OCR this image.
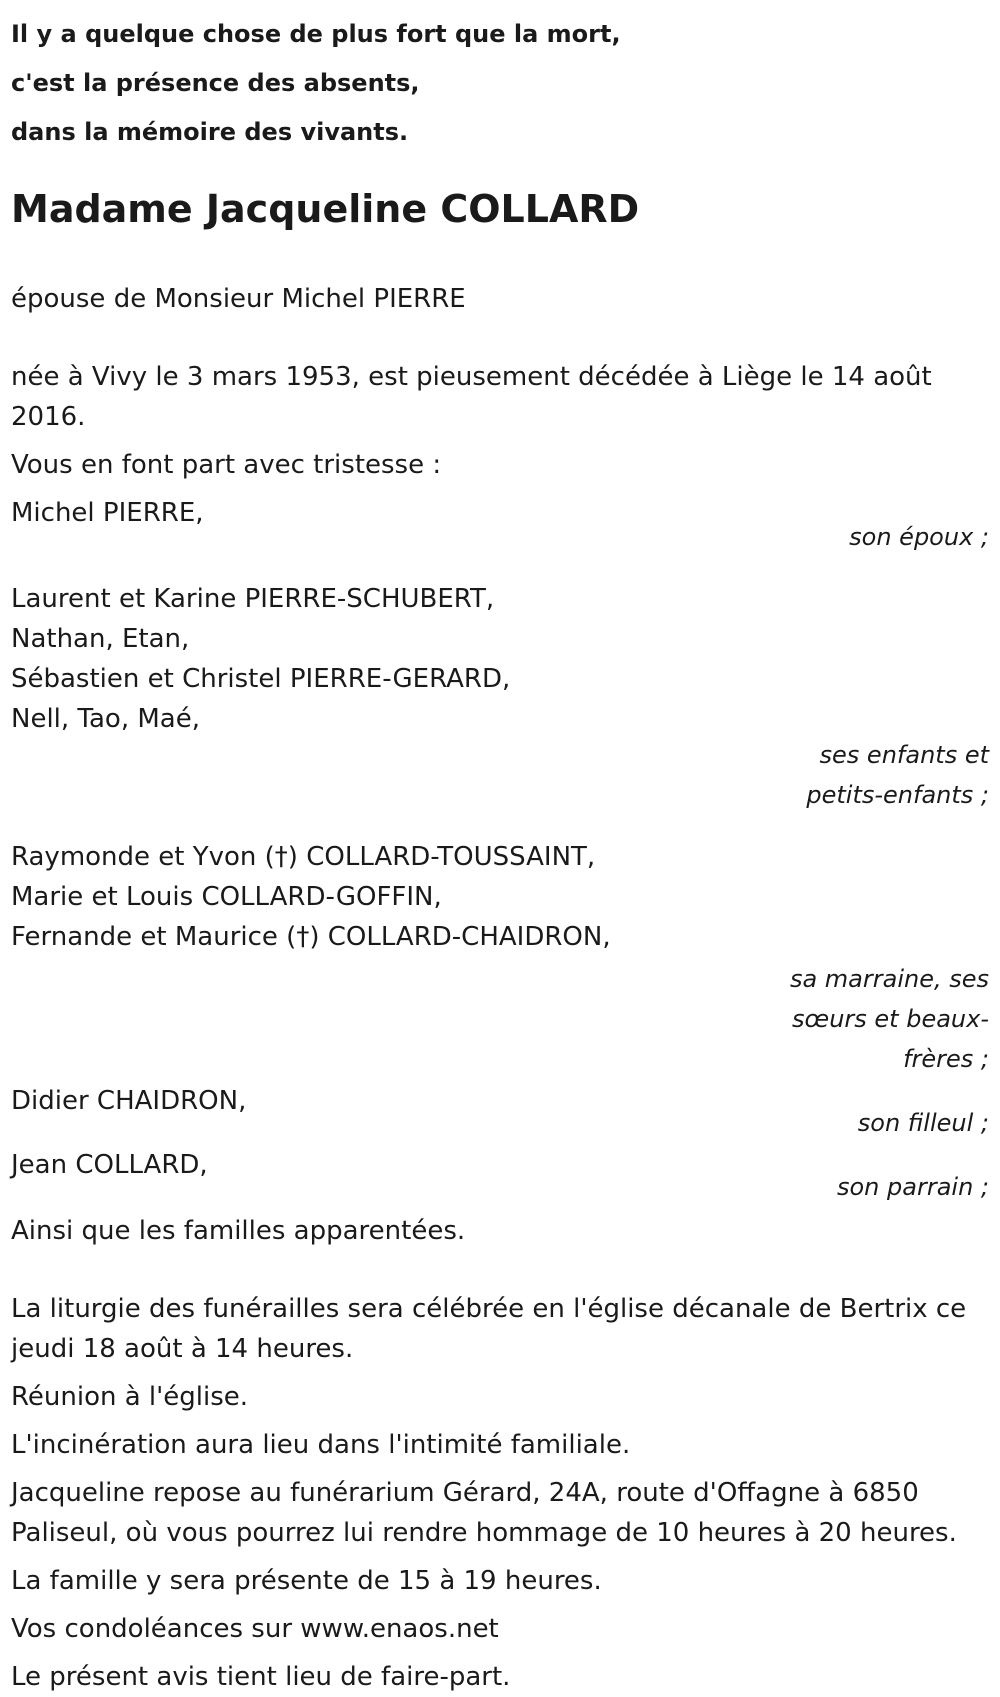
Il y a quelque chose de plus fort que la mort,
c'est la présence des absents,
dans la mémoire des vivants.
Madame Jacqueline COLLARD
épouse de Monsieur Michel PIERRE
née à Vivy le 3 mars 1953, est pieusement décédée à Liège le 14 août 2016.
Vous en font part avec tristesse :
Michel PIERRE,
son époux ;
Laurent et Karine PIERRE-SCHUBERT,
Nathan, Etan,
Sébastien et Christel PIERRE-GERARD,
Nell, Tao, Maé,
ses enfants et
petits-enfants ;
Raymonde et Yvon (†) COLLARD-TOUSSAINT,
Marie et Louis COLLARD-GOFFIN,
Fernande et Maurice (†) COLLARD-CHAIDRON,
sa marraine, ses
sœurs et beaux-
frères ;
Didier CHAIDRON,
son filleul ;
Jean COLLARD,
son parrain ;
Ainsi que les familles apparentées.
La liturgie des funérailles sera célébrée en l'église décanale de Bertrix ce jeudi 18 août à 14 heures.
Réunion à l'église.
L'incinération aura lieu dans l'intimité familiale.
Jacqueline repose au funérarium Gérard, 24A, route d'Offagne à 6850 Paliseul, où vous pourrez lui rendre hommage de 10 heures à 20 heures.
La famille y sera présente de 15 à 19 heures.
Vos condoléances sur www.enaos.net
Le présent avis tient lieu de faire-part.
